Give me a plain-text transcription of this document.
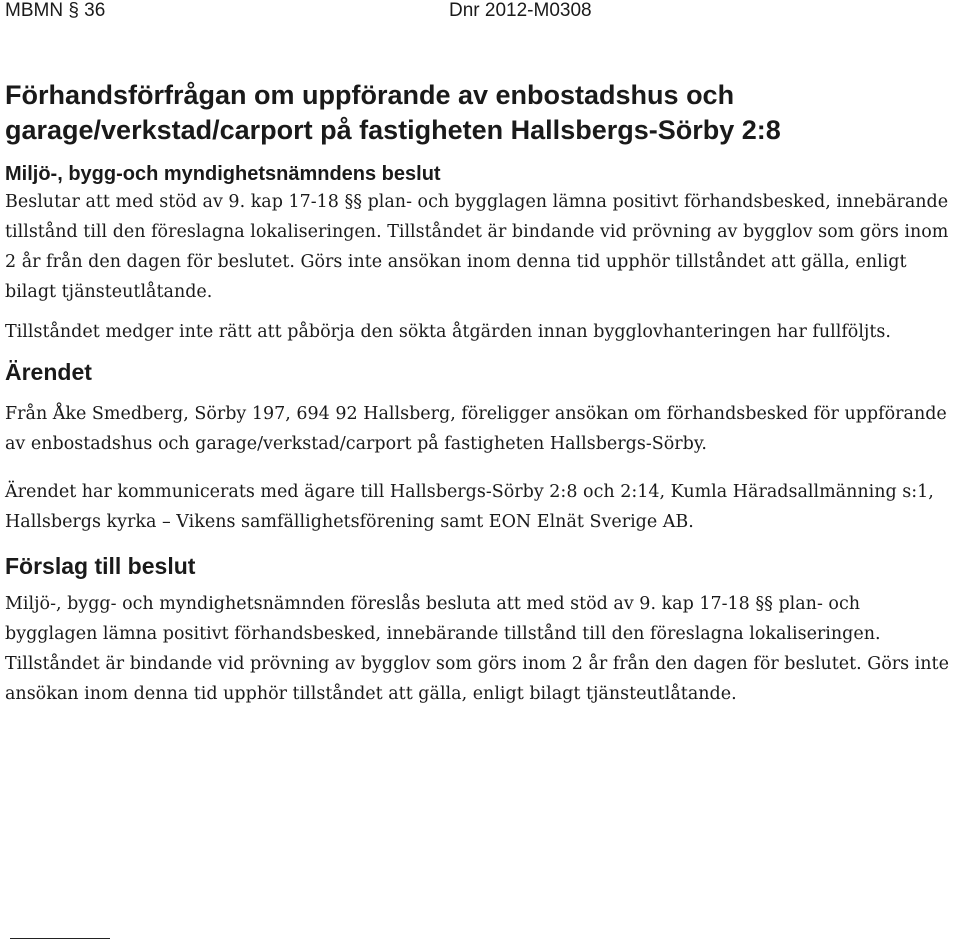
MBMN § 36	Dnr 2012-M0308
Förhandsförfrågan om uppförande av enbostadshus och garage/verkstad/carport på fastigheten Hallsbergs-Sörby 2:8
Miljö-, bygg-och myndighetsnämndens beslut

Beslutar att med stöd av 9. kap 17-18 §§ plan- och bygglagen lämna positivt förhandsbesked, innebärande tillstånd till den föreslagna lokaliseringen. Tillståndet är bindande vid prövning av bygglov som görs inom 2 år från den dagen för beslutet. Görs inte ansökan inom denna tid upphör tillståndet att gälla, enligt bilagt tjänsteutlåtande.

Tillståndet medger inte rätt att påbörja den sökta åtgärden innan bygglovhanteringen har fullföljts.

Ärendet

Från Åke Smedberg, Sörby 197, 694 92 Hallsberg, föreligger ansökan om förhandsbesked för uppförande av enbostadshus och garage/verkstad/carport på fastigheten Hallsbergs-Sörby.

Ärendet har kommunicerats med ägare till Hallsbergs-Sörby 2:8 och 2:14, Kumla Häradsallmänning s:1, Hallsbergs kyrka – Vikens samfällighetsförening samt EON Elnät Sverige AB.

Förslag till beslut

Miljö-, bygg- och myndighetsnämnden föreslås besluta att med stöd av 9. kap 17-18 §§ plan- och bygglagen lämna positivt förhandsbesked, innebärande tillstånd till den föreslagna lokaliseringen. Tillståndet är bindande vid prövning av bygglov som görs inom 2 år från den dagen för beslutet. Görs inte ansökan inom denna tid upphör tillståndet att gälla, enligt bilagt tjänsteutlåtande.
